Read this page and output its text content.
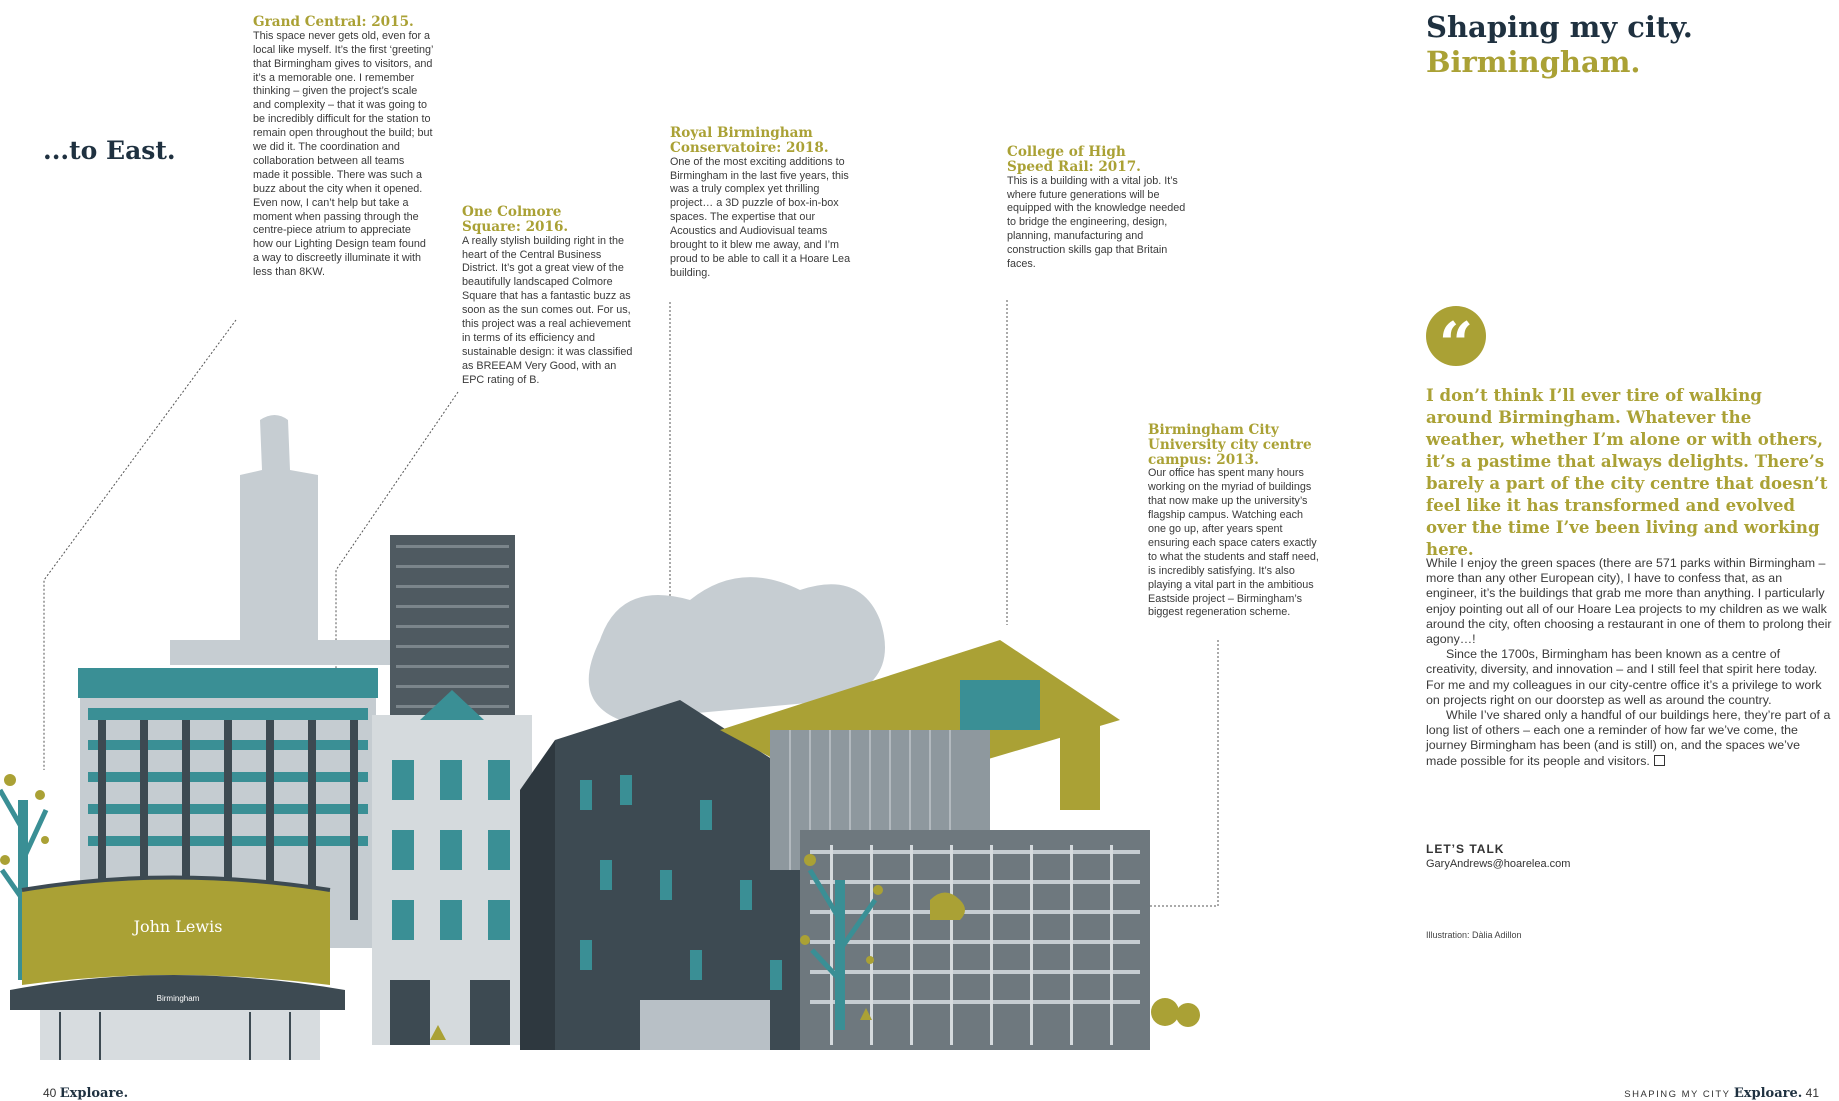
...to East.
Grand Central: 2015.
This space never gets old, even for a local like myself. It’s the first ‘greeting’ that Birmingham gives to visitors, and it’s a memorable one. I remember thinking – given the project’s scale and complexity – that it was going to be incredibly difficult for the station to remain open throughout the build; but we did it. The coordination and collaboration between all teams made it possible. There was such a buzz about the city when it opened. Even now, I can’t help but take a moment when passing through the centre-piece atrium to appreciate how our Lighting Design team found a way to discreetly illuminate it with less than 8KW.
One Colmore Square: 2016.
A really stylish building right in the heart of the Central Business District. It’s got a great view of the beautifully landscaped Colmore Square that has a fantastic buzz as soon as the sun comes out. For us, this project was a real achievement in terms of its efficiency and sustainable design: it was classified as BREEAM Very Good, with an EPC rating of B.
Royal Birmingham Conservatoire: 2018.
One of the most exciting additions to Birmingham in the last five years, this was a truly complex yet thrilling project… a 3D puzzle of box-in-box spaces. The expertise that our Acoustics and Audiovisual teams brought to it blew me away, and I’m proud to be able to call it a Hoare Lea building.
College of High Speed Rail: 2017.
This is a building with a vital job. It’s where future generations will be equipped with the knowledge needed to bridge the engineering, design, planning, manufacturing and construction skills gap that Britain faces.
Birmingham City University city centre campus: 2013.
Our office has spent many hours working on the myriad of buildings that now make up the university’s flagship campus. Watching each one go up, after years spent ensuring each space caters exactly to what the students and staff need, is incredibly satisfying. It’s also playing a vital part in the ambitious Eastside project – Birmingham’s biggest regeneration scheme.
John Lewis
Birmingham
Shaping my city.
Birmingham.
“
I don’t think I’ll ever tire of walking around Birmingham. Whatever the weather, whether I’m alone or with others, it’s a pastime that always delights. There’s barely a part of the city centre that doesn’t feel like it has transformed and evolved over the time I’ve been living and working here.

While I enjoy the green spaces (there are 571 parks within Birmingham – more than any other European city), I have to confess that, as an engineer, it’s the buildings that grab me more than anything. I particularly enjoy pointing out all of our Hoare Lea projects to my children as we walk around the city, often choosing a restaurant in one of them to prolong their agony…!

Since the 1700s, Birmingham has been known as a centre of creativity, diversity, and innovation – and I still feel that spirit here today. For me and my colleagues in our city-centre office it’s a privilege to work on projects right on our doorstep as well as around the country.

While I’ve shared only a handful of our buildings here, they’re part of a long list of others – each one a reminder of how far we’ve come, the journey Birmingham has been (and is still) on, and the spaces we’ve made possible for its people and visitors.

LET’S TALK
GaryAndrews@hoarelea.com
Illustration: Dàlia Adillon
40 Exploare.	SHAPING MY CITY Exploare. 41
